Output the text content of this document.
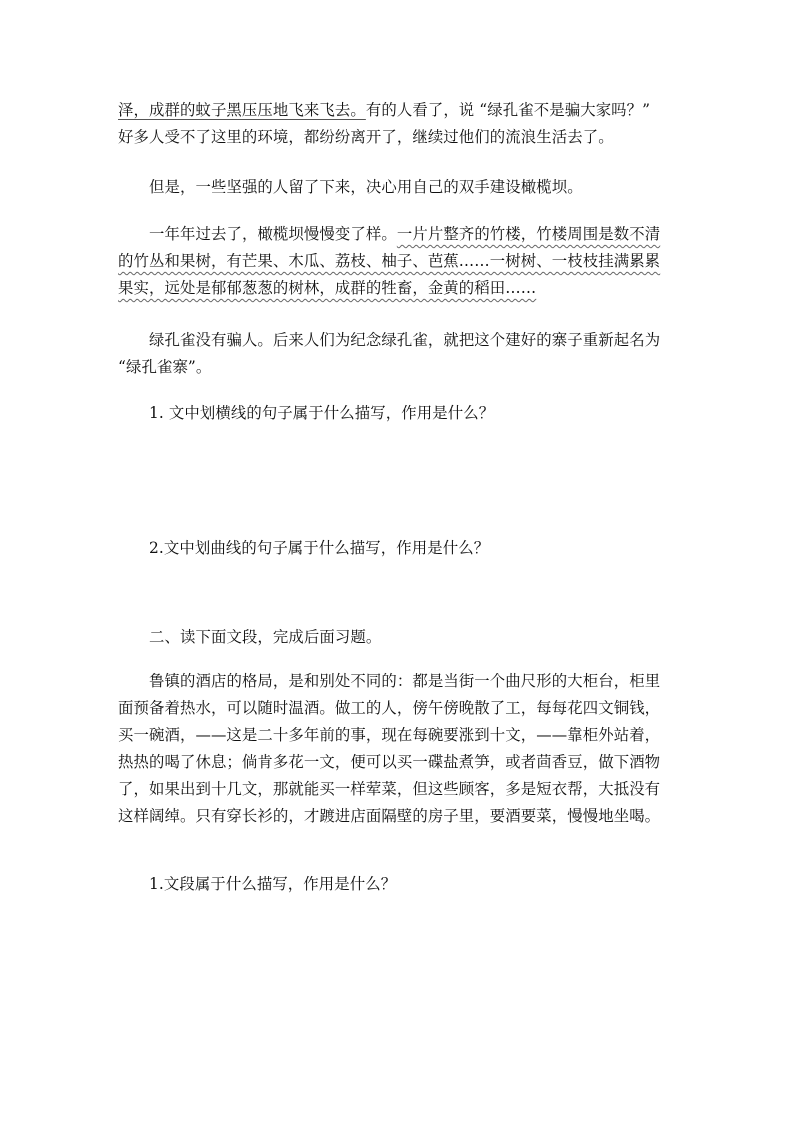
泽，成群的蚊子黑压压地飞来飞去。有的人看了，说 “绿孔雀不是骗大家吗？”
好多人受不了这里的环境，都纷纷离开了，继续过他们的流浪生活去了。
但是，一些坚强的人留了下来，决心用自己的双手建设橄榄坝。
一年年过去了，橄榄坝慢慢变了样。一片片整齐的竹楼，竹楼周围是数不清
的竹丛和果树，有芒果、木瓜、荔枝、柚子、芭蕉……一树树、一枝枝挂满累累
果实，远处是郁郁葱葱的树林，成群的牲畜，金黄的稻田……
绿孔雀没有骗人。后来人们为纪念绿孔雀，就把这个建好的寨子重新起名为
“绿孔雀寨”。
1. 文中划横线的句子属于什么描写，作用是什么？
2.文中划曲线的句子属于什么描写，作用是什么？
二、读下面文段，完成后面习题。
鲁镇的酒店的格局，是和别处不同的：都是当街一个曲尺形的大柜台，柜里
面预备着热水，可以随时温酒。做工的人，傍午傍晚散了工，每每花四文铜钱，
买一碗酒，——这是二十多年前的事，现在每碗要涨到十文，——靠柜外站着，
热热的喝了休息；倘肯多花一文，便可以买一碟盐煮笋，或者茴香豆，做下酒物
了，如果出到十几文，那就能买一样荤菜，但这些顾客，多是短衣帮，大抵没有
这样阔绰。只有穿长衫的，才踱进店面隔壁的房子里，要酒要菜，慢慢地坐喝。
1.文段属于什么描写，作用是什么？
